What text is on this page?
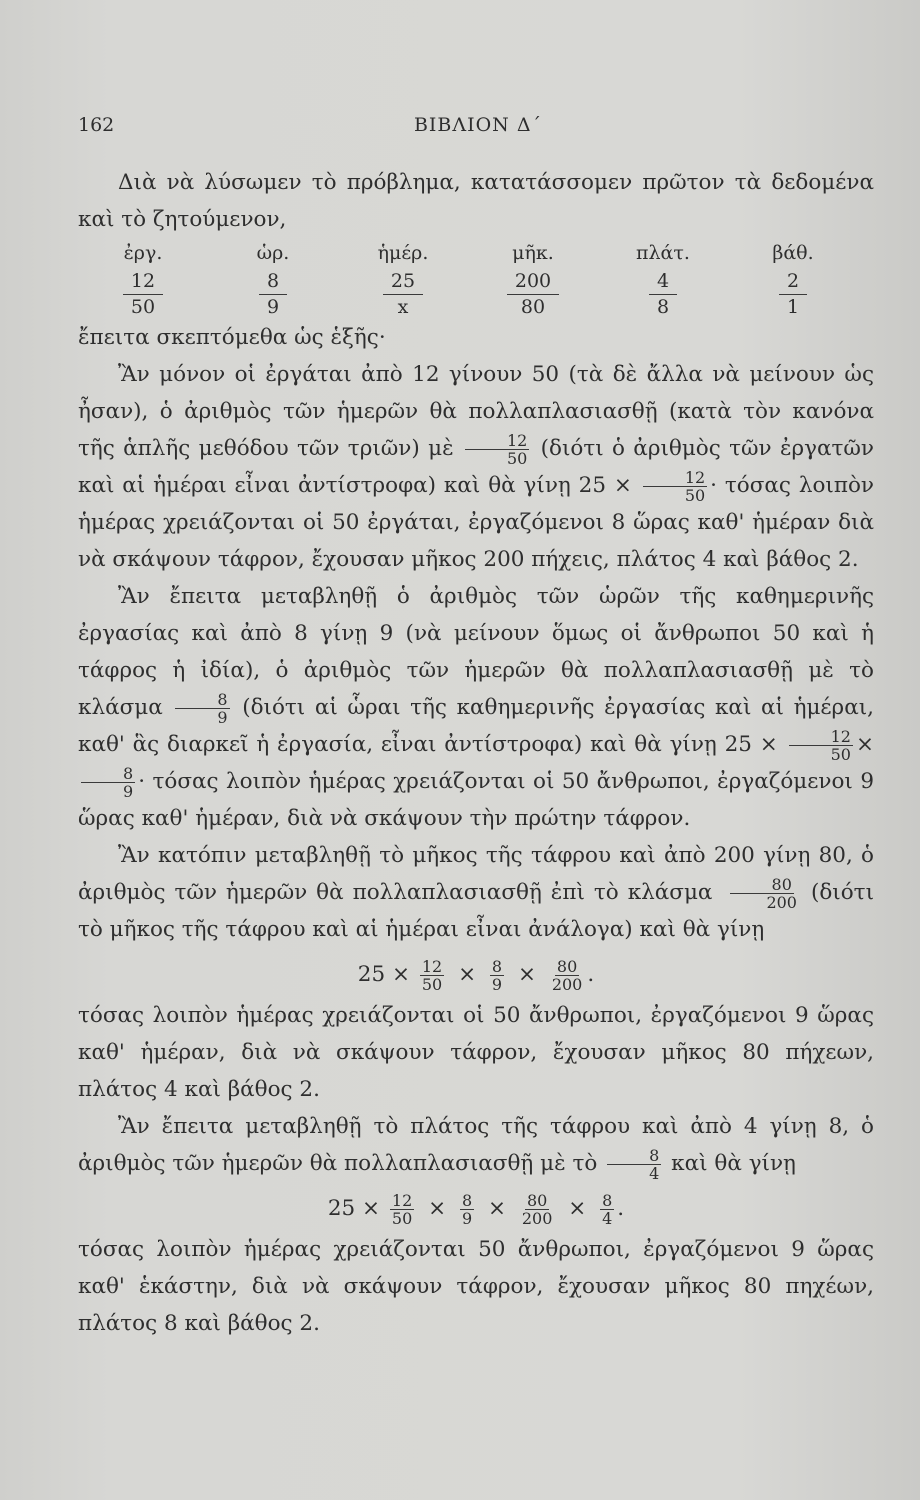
162	ΒΙΒΛΙΟΝ Δ΄

Διὰ νὰ λύσωμεν τὸ πρόβλημα, κατατάσσομεν πρῶτον τὰ δεδομένα καὶ τὸ ζητούμενον,

ἐργ.	ὡρ.	ἡμέρ.	μῆκ.	πλάτ.	βάθ.
$\frac{12}{50}$	$\frac{8}{9}$	$\frac{25}{x}$	$\frac{200}{80}$	$\frac{4}{8}$	$\frac{2}{1}$

ἔπειτα σκεπτόμεθα ὡς ἑξῆς·

Ἂν μόνον οἱ ἐργάται ἀπὸ 12 γίνουν 50 (τὰ δὲ ἄλλα νὰ μείνουν ὡς ἦσαν), ὁ ἀριθμὸς τῶν ἡμερῶν θὰ πολλαπλασιασθῇ (κατὰ τὸν κανόνα τῆς ἁπλῆς μεθόδου τῶν τριῶν) μὲ $\frac{12}{50} (\delta\iota ό\tau\iota$ ὁ ἀριθμὸς τῶν ἐργατῶν καὶ αἱ ἡμέραι εἶναι ἀντίστροφα) καὶ θὰ γίνῃ $25 \times \frac{12}{50} \cdot \tau ό\sigma\alpha\varsigma$ λοιπὸν ἡμέρας χρειάζονται οἱ 50 ἐργάται, ἐργαζόμενοι 8 ὥρας καθ' ἡμέραν διὰ νὰ σκάψουν τάφρον, ἔχουσαν μῆκος 200 πήχεις, πλάτος 4 καὶ βάθος 2.

Ἂν ἔπειτα μεταβληθῇ ὁ ἀριθμὸς τῶν ὡρῶν τῆς καθημερινῆς ἐργασίας καὶ ἀπὸ 8 γίνῃ 9 (νὰ μείνουν ὅμως οἱ ἄνθρωποι 50 καὶ ἡ τάφρος ἡ ἰδία), ὁ ἀριθμὸς τῶν ἡμερῶν θὰ πολλαπλασιασθῇ μὲ τὸ κλάσμα $\frac{8}{9} (\delta\iota ό\tau\iota$ αἱ ὧραι τῆς καθημερινῆς ἐργασίας καὶ αἱ ἡμέραι, καθ' ἃς διαρκεῖ ἡ ἐργασία, εἶναι ἀντίστροφα) καὶ θὰ γίνῃ $25 \times \frac{12}{50}$ ×
$\frac{8}{9} \cdot \tau ό\sigma\alpha\varsigma$ λοιπὸν ἡμέρας χρειάζονται οἱ 50 ἄνθρωποι, ἐργαζόμενοι 9 ὥρας καθ' ἡμέραν, διὰ νὰ σκάψουν τὴν πρώτην τάφρον.

Ἂν κατόπιν μεταβληθῇ τὸ μῆκος τῆς τάφρου καὶ ἀπὸ 200 γίνῃ 80, ὁ ἀριθμὸς τῶν ἡμερῶν θὰ πολλαπλασιασθῇ ἐπὶ τὸ κλάσμα $\frac{80}{200} (\delta\iota ό\tau\iota$ τὸ μῆκος τῆς τάφρου καὶ αἱ ἡμέραι εἶναι ἀνάλογα) καὶ θὰ γίνῃ

$25 \times \frac{12}{50} \times \frac{8}{9} \times \frac{80}{200}$ .

τόσας λοιπὸν ἡμέρας χρειάζονται οἱ 50 ἄνθρωποι, ἐργαζόμενοι 9 ὥρας καθ' ἡμέραν, διὰ νὰ σκάψουν τάφρον, ἔχουσαν μῆκος 80 πήχεων, πλάτος 4 καὶ βάθος 2.

Ἂν ἔπειτα μεταβληθῇ τὸ πλάτος τῆς τάφρου καὶ ἀπὸ 4 γίνῃ 8, ὁ ἀριθμὸς τῶν ἡμερῶν θὰ πολλαπλασιασθῇ μὲ τὸ $\frac{8}{4}$ καὶ θὰ γίνῃ

$25 \times \frac{12}{50} \times \frac{8}{9} \times \frac{80}{200} \times \frac{8}{4}$ .

τόσας λοιπὸν ἡμέρας χρειάζονται 50 ἄνθρωποι, ἐργαζόμενοι 9 ὥρας καθ' ἑκάστην, διὰ νὰ σκάψουν τάφρον, ἔχουσαν μῆκος 80 πηχέων, πλάτος 8 καὶ βάθος 2.
